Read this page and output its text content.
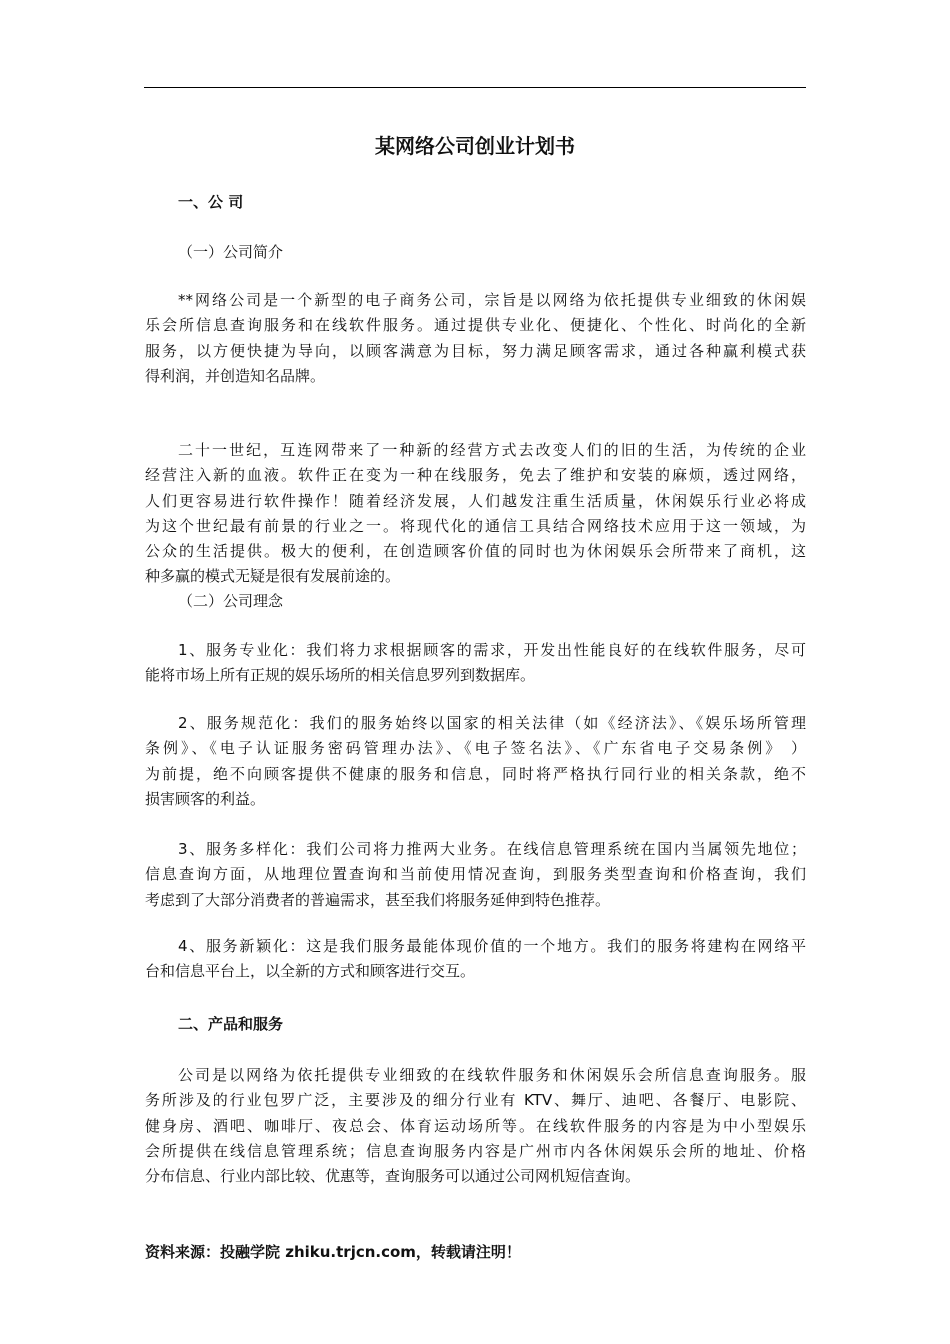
某网络公司创业计划书
一、公 司
（一）公司简介
**网络公司是一个新型的电子商务公司，宗旨是以网络为依托提供专业细致的休闲娱
乐会所信息查询服务和在线软件服务。通过提供专业化、便捷化、个性化、时尚化的全新
服务，以方便快捷为导向，以顾客满意为目标，努力满足顾客需求，通过各种赢利模式获
得利润，并创造知名品牌。
二十一世纪，互连网带来了一种新的经营方式去改变人们的旧的生活，为传统的企业
经营注入新的血液。软件正在变为一种在线服务，免去了维护和安装的麻烦，透过网络，
人们更容易进行软件操作！随着经济发展，人们越发注重生活质量，休闲娱乐行业必将成
为这个世纪最有前景的行业之一。将现代化的通信工具结合网络技术应用于这一领域，为
公众的生活提供。极大的便利，在创造顾客价值的同时也为休闲娱乐会所带来了商机，这
种多赢的模式无疑是很有发展前途的。
（二）公司理念
1、服务专业化：我们将力求根据顾客的需求，开发出性能良好的在线软件服务，尽可
能将市场上所有正规的娱乐场所的相关信息罗列到数据库。
2、服务规范化：我们的服务始终以国家的相关法律（如《经济法》、《娱乐场所管理
条例》、《电子认证服务密码管理办法》、《电子签名法》、《广东省电子交易条例》 ）
为前提，绝不向顾客提供不健康的服务和信息，同时将严格执行同行业的相关条款，绝不
损害顾客的利益。
3、服务多样化：我们公司将力推两大业务。在线信息管理系统在国内当属领先地位；
信息查询方面，从地理位置查询和当前使用情况查询，到服务类型查询和价格查询，我们
考虑到了大部分消费者的普遍需求，甚至我们将服务延伸到特色推荐。
4、服务新颖化：这是我们服务最能体现价值的一个地方。我们的服务将建构在网络平
台和信息平台上，以全新的方式和顾客进行交互。
二、产品和服务
公司是以网络为依托提供专业细致的在线软件服务和休闲娱乐会所信息查询服务。服
务所涉及的行业包罗广泛，主要涉及的细分行业有 KTV、舞厅、迪吧、各餐厅、电影院、
健身房、酒吧、咖啡厅、夜总会、体育运动场所等。在线软件服务的内容是为中小型娱乐
会所提供在线信息管理系统；信息查询服务内容是广州市内各休闲娱乐会所的地址、价格
分布信息、行业内部比较、优惠等，查询服务可以通过公司网机短信查询。
资料来源：投融学院 zhiku.trjcn.com，转载请注明！
